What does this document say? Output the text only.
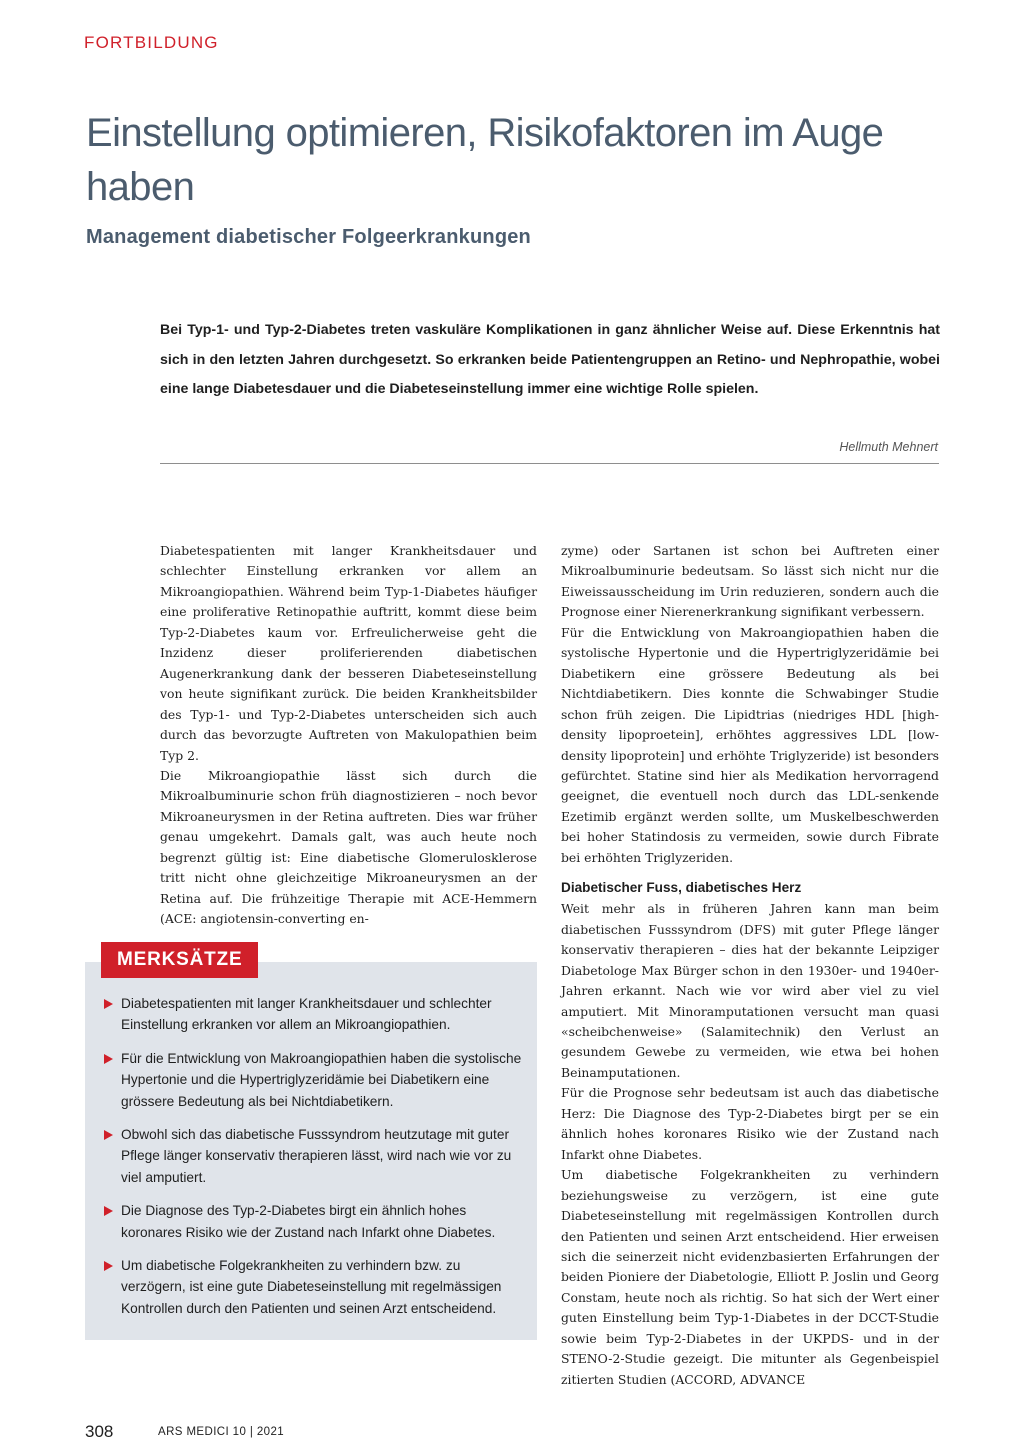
FORTBILDUNG
Einstellung optimieren, Risikofaktoren im Auge haben
Management diabetischer Folgeerkrankungen

Bei Typ-1- und Typ-2-Diabetes treten vaskuläre Komplikationen in ganz ähnlicher Weise auf. Diese Erkenntnis hat sich in den letzten Jahren durchgesetzt. So erkranken beide Patientengruppen an Retino- und Nephropathie, wobei eine lange Diabetesdauer und die Diabeteseinstellung immer eine wichtige Rolle spielen.

Hellmuth Mehnert

Diabetespatienten mit langer Krankheitsdauer und schlechter Einstellung erkranken vor allem an Mikroangiopathien. Während beim Typ-1-Diabetes häufiger eine proliferative Retinopathie auftritt, kommt diese beim Typ-2-Diabetes kaum vor. Erfreulicherweise geht die Inzidenz dieser proliferierenden diabetischen Augenerkrankung dank der besseren Diabeteseinstellung von heute signifikant zurück. Die beiden Krankheitsbilder des Typ-1- und Typ-2-Diabetes unterscheiden sich auch durch das bevorzugte Auftreten von Makulopathien beim Typ 2.

Die Mikroangiopathie lässt sich durch die Mikroalbuminurie schon früh diagnostizieren – noch bevor Mikroaneurysmen in der Retina auftreten. Dies war früher genau umgekehrt. Damals galt, was auch heute noch begrenzt gültig ist: Eine diabetische Glomerulosklerose tritt nicht ohne gleichzeitige Mikroaneurysmen an der Retina auf. Die frühzeitige Therapie mit ACE-Hemmern (ACE: angiotensin-converting en-

zyme) oder Sartanen ist schon bei Auftreten einer Mikroalbuminurie bedeutsam. So lässt sich nicht nur die Eiweissausscheidung im Urin reduzieren, sondern auch die Prognose einer Nierenerkrankung signifikant verbessern.

Für die Entwicklung von Makroangiopathien haben die systolische Hypertonie und die Hypertriglyzeridämie bei Diabetikern eine grössere Bedeutung als bei Nichtdiabetikern. Dies konnte die Schwabinger Studie schon früh zeigen. Die Lipidtrias (niedriges HDL [high-density lipoproetein], erhöhtes aggressives LDL [low-density lipoprotein] und erhöhte Triglyzeride) ist besonders gefürchtet. Statine sind hier als Medikation hervorragend geeignet, die eventuell noch durch das LDL-senkende Ezetimib ergänzt werden sollte, um Muskelbeschwerden bei hoher Statindosis zu vermeiden, sowie durch Fibrate bei erhöhten Triglyzeriden.

Diabetischer Fuss, diabetisches Herz

Weit mehr als in früheren Jahren kann man beim diabetischen Fusssyndrom (DFS) mit guter Pflege länger konservativ therapieren – dies hat der bekannte Leipziger Diabetologe Max Bürger schon in den 1930er- und 1940er-Jahren erkannt. Nach wie vor wird aber viel zu viel amputiert. Mit Minoramputationen versucht man quasi «scheibchenweise» (Salamitechnik) den Verlust an gesundem Gewebe zu vermeiden, wie etwa bei hohen Beinamputationen.

Für die Prognose sehr bedeutsam ist auch das diabetische Herz: Die Diagnose des Typ-2-Diabetes birgt per se ein ähnlich hohes koronares Risiko wie der Zustand nach Infarkt ohne Diabetes.

Um diabetische Folgekrankheiten zu verhindern beziehungsweise zu verzögern, ist eine gute Diabeteseinstellung mit regelmässigen Kontrollen durch den Patienten und seinen Arzt entscheidend. Hier erweisen sich die seinerzeit nicht evidenzbasierten Erfahrungen der beiden Pioniere der Diabetologie, Elliott P. Joslin und Georg Constam, heute noch als richtig. So hat sich der Wert einer guten Einstellung beim Typ-1-Diabetes in der DCCT-Studie sowie beim Typ-2-Diabetes in der UKPDS- und in der STENO-2-Studie gezeigt. Die mitunter als Gegenbeispiel zitierten Studien (ACCORD, ADVANCE

MERKSÄTZE
Diabetespatienten mit langer Krankheitsdauer und schlechter Einstellung erkranken vor allem an Mikroangiopathien.
Für die Entwicklung von Makroangiopathien haben die systolische Hypertonie und die Hypertriglyzeridämie bei Diabetikern eine grössere Bedeutung als bei Nichtdiabetikern.
Obwohl sich das diabetische Fusssyndrom heutzutage mit guter Pflege länger konservativ therapieren lässt, wird nach wie vor zu viel amputiert.
Die Diagnose des Typ-2-Diabetes birgt ein ähnlich hohes koronares Risiko wie der Zustand nach Infarkt ohne Diabetes.
Um diabetische Folgekrankheiten zu verhindern bzw. zu verzögern, ist eine gute Diabeteseinstellung mit regelmässigen Kontrollen durch den Patienten und seinen Arzt entscheidend.
308	ARS MEDICI 10 | 2021
